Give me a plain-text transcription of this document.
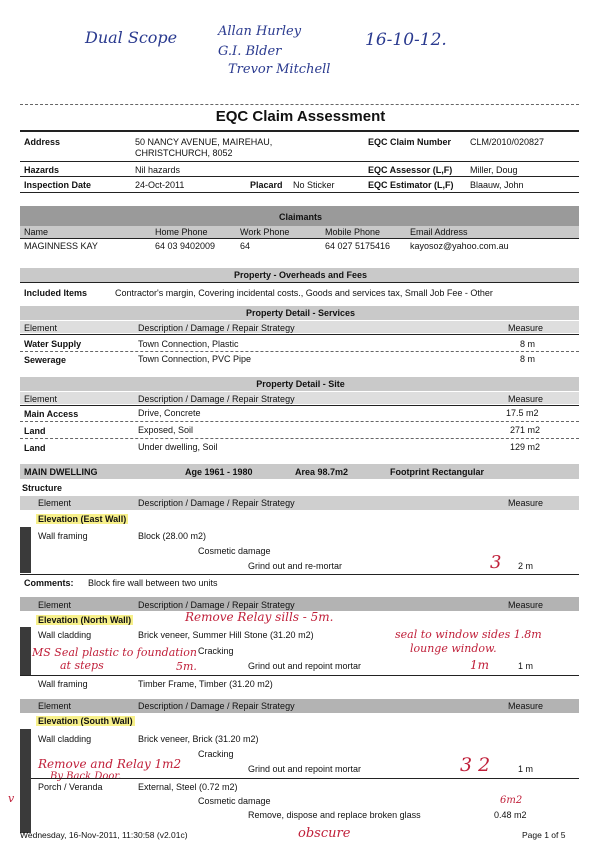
Dual Scope	Allan Hurley
G.I. Blder
Trevor Mitchell
16-10-12.
EQC Claim Assessment
Address	50 NANCY AVENUE, MAIREHAU,
CHRISTCHURCH, 8052
EQC Claim Number CLM/2010/020827
Hazards	Nil hazards	EQC Assessor (L,F) Miller, Doug
Inspection Date	24-Oct-2011	Placard No Sticker	EQC Estimator (L,F) Blaauw, John
Claimants
Name	Home Phone	Work Phone	Mobile Phone	Email Address
MAGINNESS KAY	64 03 9402009	64	64 027 5175416 kayosoz@yahoo.com.au
Property - Overheads and Fees
Included Items	Contractor's margin, Covering incidental costs., Goods and services tax, Small Job Fee - Other
Property Detail - Services
Element	Description / Damage / Repair Strategy	Measure
Water Supply	Town Connection, Plastic	8 m
Sewerage	Town Connection, PVC Pipe	8 m
Property Detail - Site
Element	Description / Damage / Repair Strategy	Measure
Main Access	Drive, Concrete	17.5 m2
Land	Exposed, Soil	271 m2
Land	Under dwelling, Soil	129 m2
MAIN DWELLING	Age 1961 - 1980	Area 98.7m2	Footprint Rectangular
Structure
Element	Description / Damage / Repair Strategy	Measure
Elevation (East Wall)
Wall framing	Block (28.00 m2)
Cosmetic damage
Grind out and re-mortar	2 m
3
Comments: Block fire wall between two units
Element	Description / Damage / Repair Strategy	Measure
Elevation (North Wall)	Remove Relay sills - 5m.
Wall cladding	Brick veneer, Summer Hill Stone (31.20 m2)	seal to window sides 1.8m
lounge window.
MS Seal plastic to foundation
at steps	5m.
Cracking
Grind out and repoint mortar	1m	1 m
Wall framing	Timber Frame, Timber (31.20 m2)
Element	Description / Damage / Repair Strategy	Measure
Elevation (South Wall)
Wall cladding	Brick veneer, Brick (31.20 m2)
Cracking
Remove and Relay 1m2
By Back Door.
Grind out and repoint mortar	3 2	1 m
Porch / Veranda	External, Steel (0.72 m2)
Cosmetic damage	6m2
Remove, dispose and replace broken glass	0.48 m2
v
Wednesday, 16-Nov-2011, 11:30:58 (v2.01c)	obscure	Page 1 of 5
